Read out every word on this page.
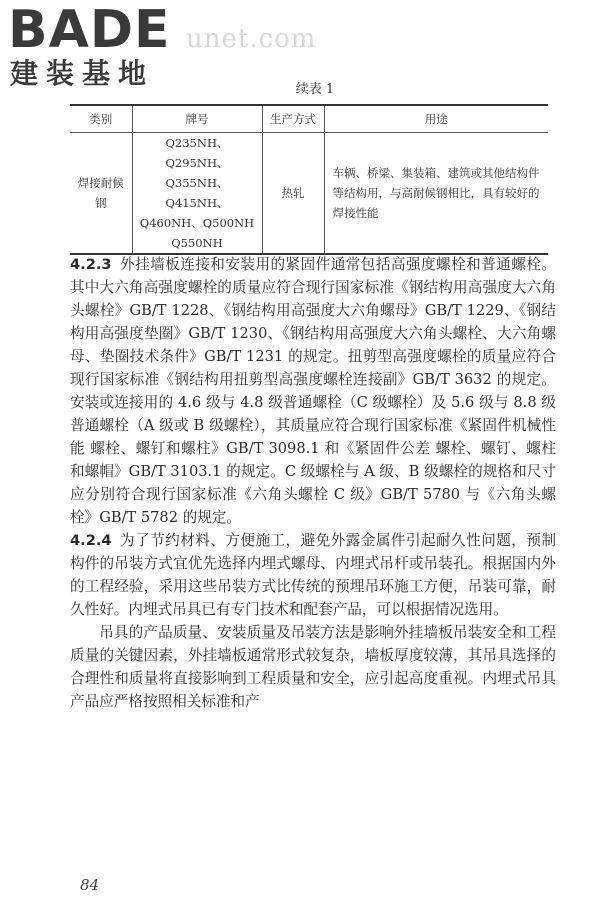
BADE
建装基地
unet.com
续表 1
类别	牌号	生产方式	用途
焊接耐候钢	Q235NH、Q295NH、Q355NH、Q415NH、Q460NH、Q500NH Q550NH	热轧	车辆、桥梁、集装箱、建筑或其他结构件等结构用，与高耐候钢相比，具有较好的焊接性能

4.2.3 外挂墙板连接和安装用的紧固件通常包括高强度螺栓和普通螺栓。其中大六角高强度螺栓的质量应符合现行国家标准《钢结构用高强度大六角头螺栓》GB/T 1228、《钢结构用高强度大六角螺母》GB/T 1229、《钢结构用高强度垫圈》GB/T 1230、《钢结构用高强度大六角头螺栓、大六角螺母、垫圈技术条件》GB/T 1231 的规定。扭剪型高强度螺栓的质量应符合现行国家标准《钢结构用扭剪型高强度螺栓连接副》GB/T 3632 的规定。安装或连接用的 4.6 级与 4.8 级普通螺栓（C 级螺栓）及 5.6 级与 8.8 级普通螺栓（A 级或 B 级螺栓），其质量应符合现行国家标准《紧固件机械性能 螺栓、螺钉和螺柱》GB/T 3098.1 和《紧固件公差 螺栓、螺钉、螺柱和螺帽》GB/T 3103.1 的规定。C 级螺栓与 A 级、B 级螺栓的规格和尺寸应分别符合现行国家标准《六角头螺栓 C 级》GB/T 5780 与《六角头螺栓》GB/T 5782 的规定。

4.2.4 为了节约材料、方便施工，避免外露金属件引起耐久性问题，预制构件的吊装方式宜优先选择内埋式螺母、内埋式吊杆或吊装孔。根据国内外的工程经验，采用这些吊装方式比传统的预埋吊环施工方便，吊装可靠，耐久性好。内埋式吊具已有专门技术和配套产品，可以根据情况选用。

吊具的产品质量、安装质量及吊装方法是影响外挂墙板吊装安全和工程质量的关键因素，外挂墙板通常形式较复杂，墙板厚度较薄，其吊具选择的合理性和质量将直接影响到工程质量和安全，应引起高度重视。内埋式吊具产品应严格按照相关标准和产

84
